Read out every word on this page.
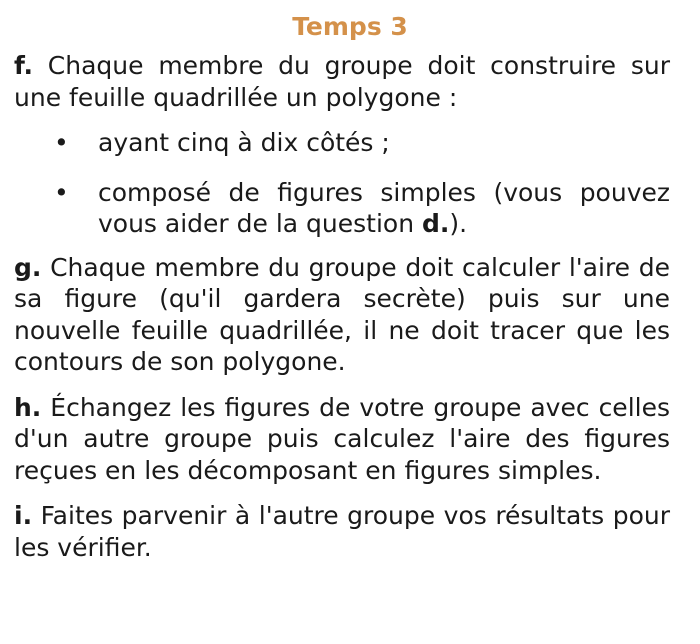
Temps 3

f. Chaque membre du groupe doit construire sur une feuille quadrillée un polygone :

• ayant cinq à dix côtés ;
• composé de figures simples (vous pouvez vous aider de la question d.).

g. Chaque membre du groupe doit calculer l'aire de sa figure (qu'il gardera secrète) puis sur une nouvelle feuille quadrillée, il ne doit tracer que les contours de son polygone.

h. Échangez les figures de votre groupe avec celles d'un autre groupe puis calculez l'aire des figures reçues en les décomposant en figures simples.

i. Faites parvenir à l'autre groupe vos résultats pour les vérifier.
